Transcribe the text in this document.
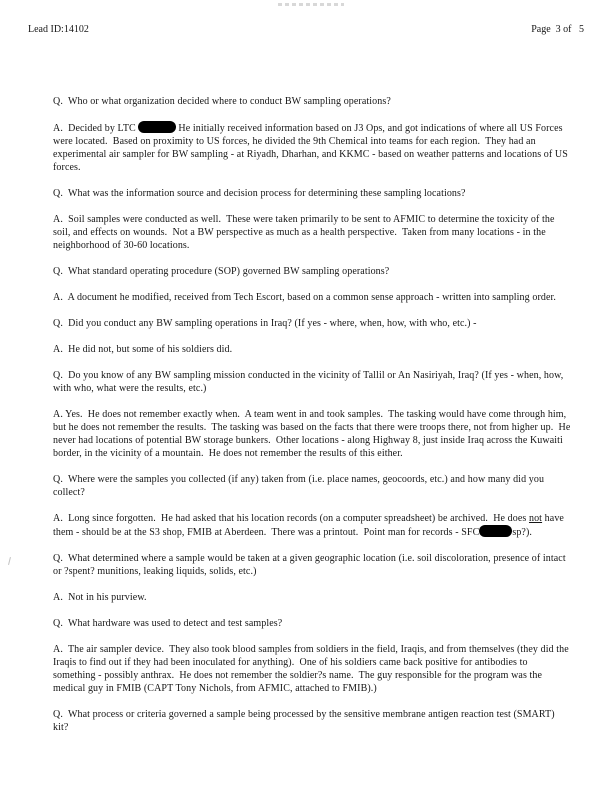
Lead ID:14102	Page  3 of   5

Q.  Who or what organization decided where to conduct BW sampling operations?

A.  Decided by LTC	He initially received information based on J3 Ops, and got indications of where all US Forces were located.  Based on proximity to US forces, he divided the 9th Chemical into teams for each region.  They had an experimental air sampler for BW sampling - at Riyadh, Dharhan, and KKMC - based on weather patterns and locations of US forces.

Q.  What was the information source and decision process for determining these sampling locations?

A.  Soil samples were conducted as well.  These were taken primarily to be sent to AFMIC to determine the toxicity of the soil, and effects on wounds.  Not a BW perspective as much as a health perspective.  Taken from many locations - in the neighborhood of 30-60 locations.

Q.  What standard operating procedure (SOP) governed BW sampling operations?

A.  A document he modified, received from Tech Escort, based on a common sense approach - written into sampling order.

Q.  Did you conduct any BW sampling operations in Iraq? (If yes - where, when, how, with who, etc.) -

A.  He did not, but some of his soldiers did.

Q.  Do you know of any BW sampling mission conducted in the vicinity of Tallil or An Nasiriyah, Iraq? (If yes - when, how, with who, what were the results, etc.)

A. Yes.  He does not remember exactly when.  A team went in and took samples.  The tasking would have come through him, but he does not remember the results.  The tasking was based on the facts that there were troops there, not from higher up.  He never had locations of potential BW storage bunkers.  Other locations - along Highway 8, just inside Iraq across the Kuwaiti border, in the vicinity of a mountain.  He does not remember the results of this either.

Q.  Where were the samples you collected (if any) taken from (i.e. place names, geocoords, etc.) and how many did you collect?

A.  Long since forgotten.  He had asked that his location records (on a computer spreadsheet) be archived.  He does not have them - should be at the S3 shop, FMIB at Aberdeen.  There was a printout.  Point man for records - SFC	sp?).

Q.  What determined where a sample would be taken at a given geographic location (i.e. soil discoloration, presence of intact or ?spent? munitions, leaking liquids, solids, etc.)

A.  Not in his purview.

Q.  What hardware was used to detect and test samples?

A.  The air sampler device.  They also took blood samples from soldiers in the field, Iraqis, and from themselves (they did the Iraqis to find out if they had been inoculated for anything).  One of his soldiers came back positive for antibodies to something - possibly anthrax.  He does not remember the soldier?s name.  The guy responsible for the program was the medical guy in FMIB (CAPT Tony Nichols, from AFMIC, attached to FMIB).)

Q.  What process or criteria governed a sample being processed by the sensitive membrane antigen reaction test (SMART) kit?
